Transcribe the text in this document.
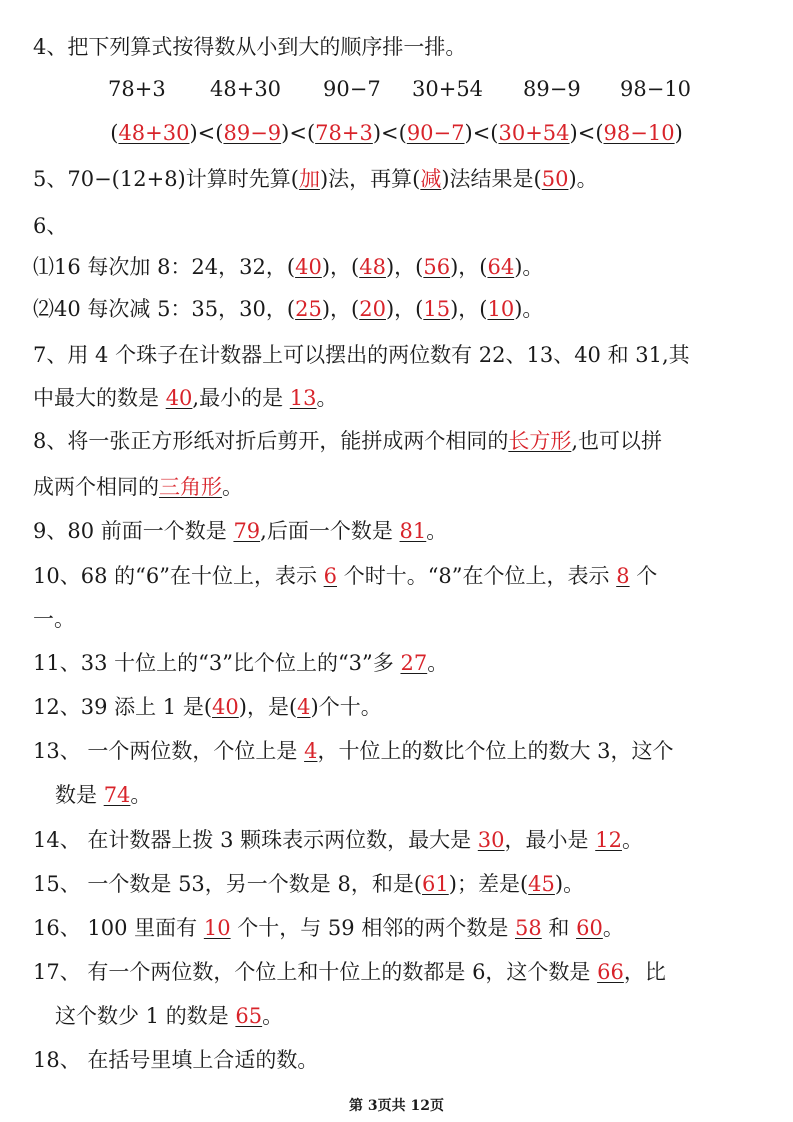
4、把下列算式按得数从小到大的顺序排一排。
78+3 48+30 90−7 30+54 89−9 98−10
(48+30)<(89−9)<(78+3)<(90−7)<(30+54)<(98−10)
5、70−(12+8)计算时先算(加)法，再算(减)法结果是(50)。
6、
⑴16 每次加 8：24，32，(40)，(48)，(56)，(64)。
⑵40 每次减 5：35，30，(25)，(20)，(15)，(10)。
7、用 4 个珠子在计数器上可以摆出的两位数有 22、13、40 和 31,其
中最大的数是 40,最小的是 13。
8、将一张正方形纸对折后剪开，能拼成两个相同的长方形,也可以拼
成两个相同的三角形。
9、80 前面一个数是 79,后面一个数是 81。
10、68 的“6”在十位上，表示 6 个时十。“8”在个位上，表示 8 个
一。
11、33 十位上的“3”比个位上的“3”多 27。
12、39 添上 1 是(40)，是(4)个十。
13、 一个两位数，个位上是 4，十位上的数比个位上的数大 3，这个
数是 74。
14、 在计数器上拨 3 颗珠表示两位数，最大是 30，最小是 12。
15、 一个数是 53，另一个数是 8，和是(61)；差是(45)。
16、 100 里面有 10 个十，与 59 相邻的两个数是 58 和 60。
17、 有一个两位数，个位上和十位上的数都是 6，这个数是 66，比
这个数少 1 的数是 65。
18、 在括号里填上合适的数。
第 3页共 12页
